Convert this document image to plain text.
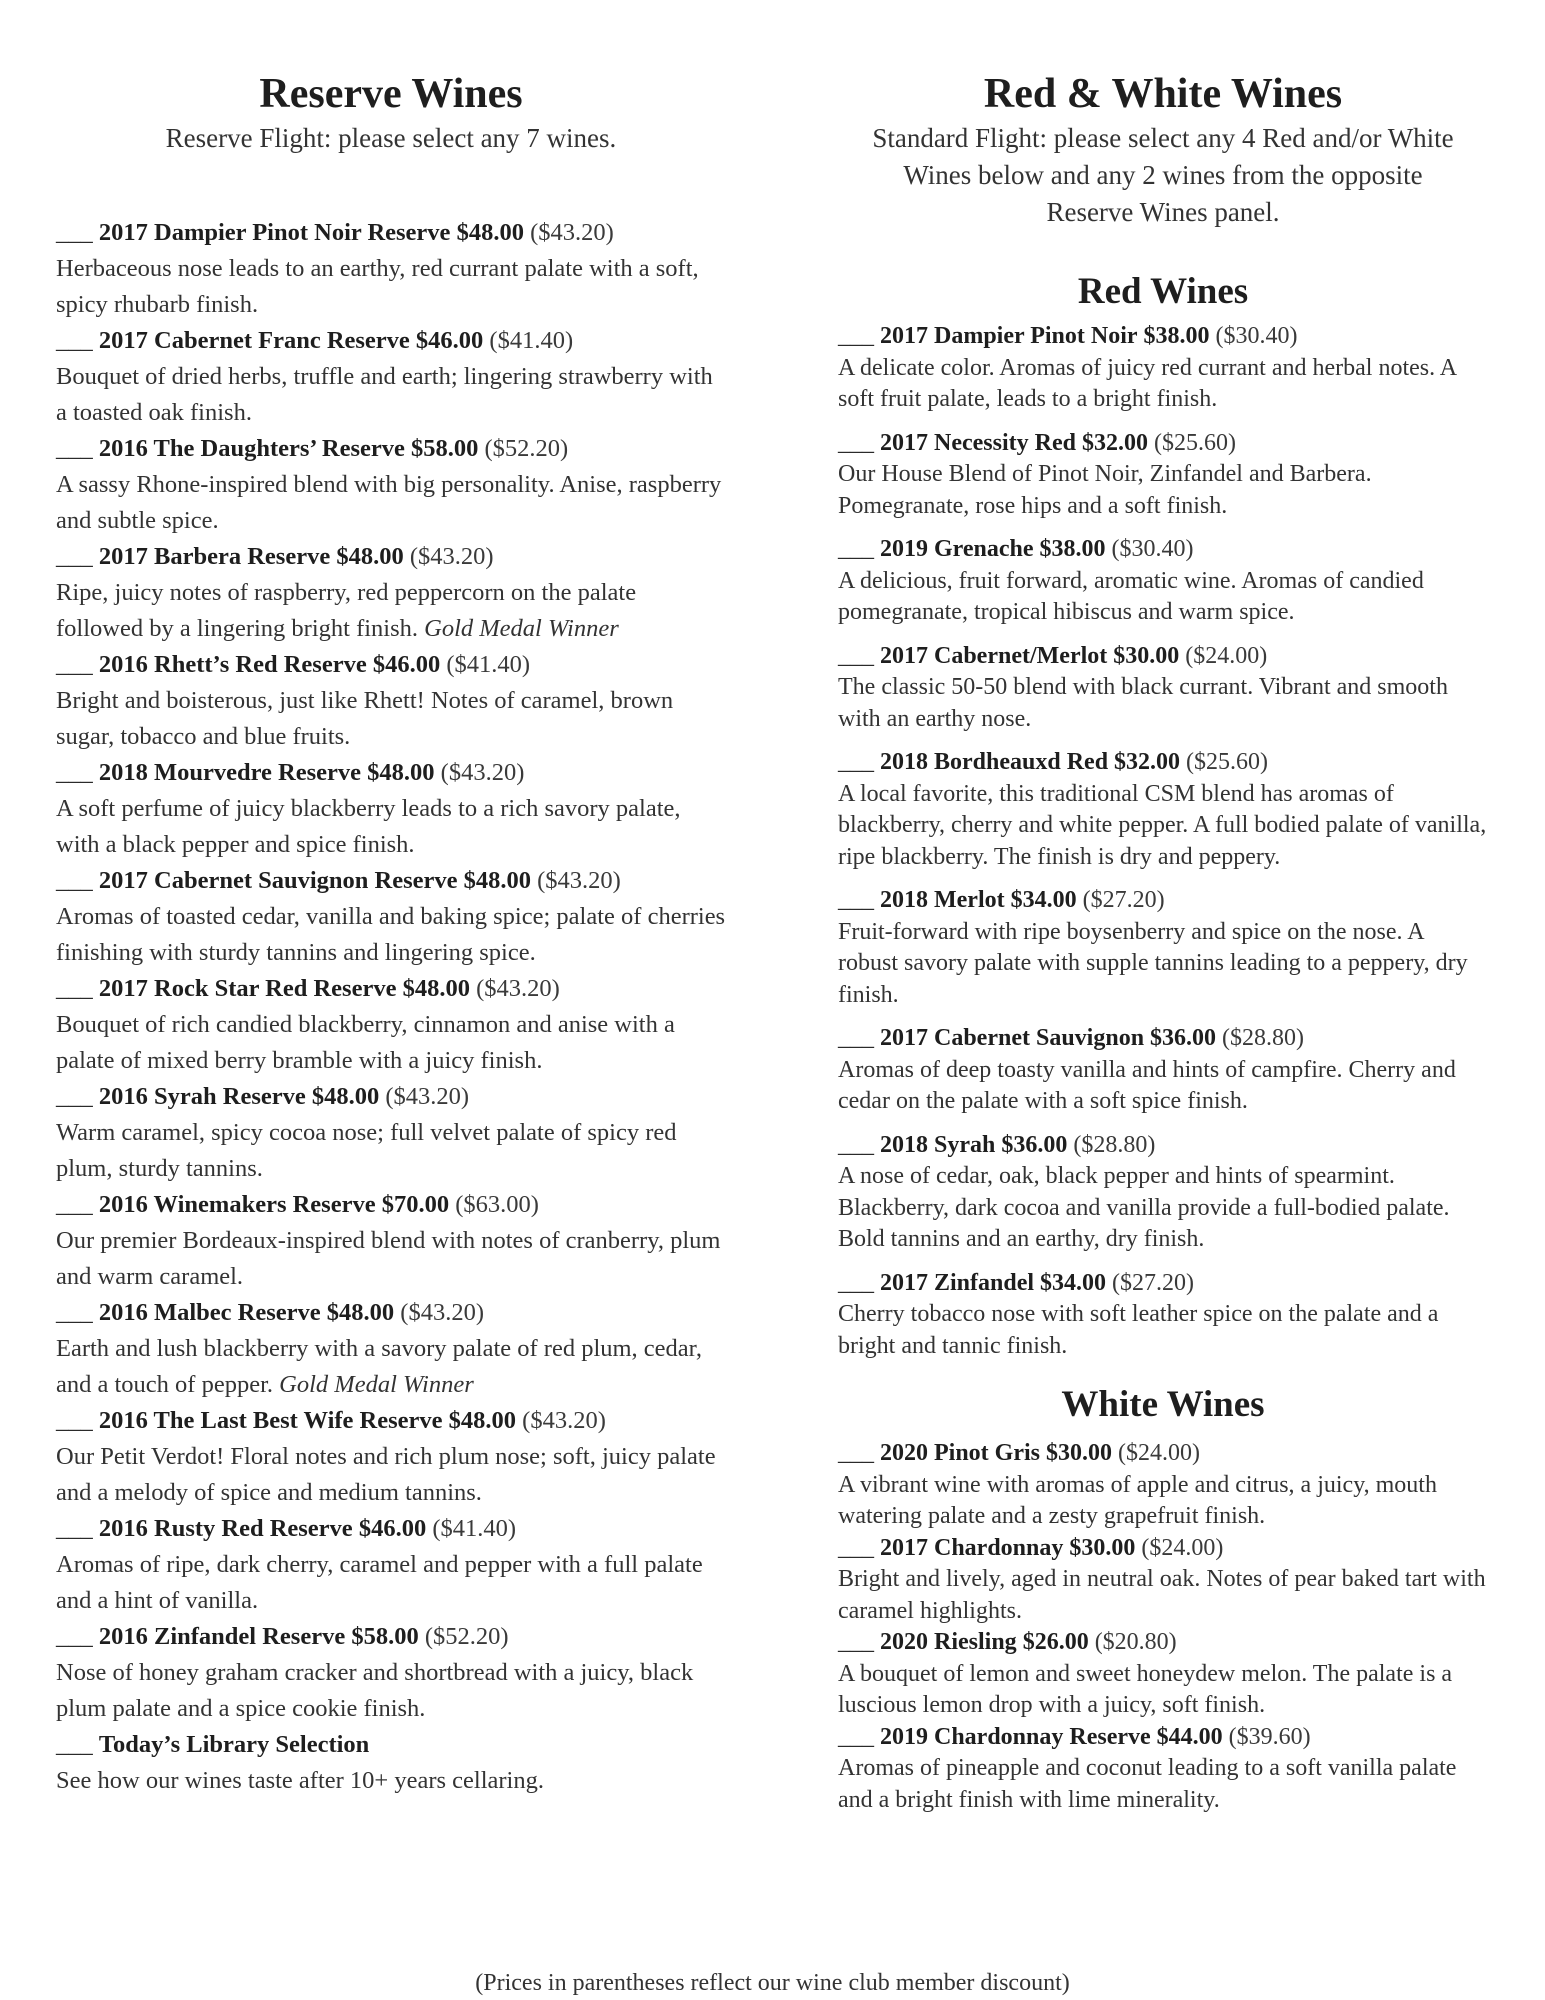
Reserve Wines

Reserve Flight: please select any 7 wines.

___ 2017 Dampier Pinot Noir Reserve $48.00 ($43.20)
Herbaceous nose leads to an earthy, red currant palate with a soft, spicy rhubarb finish.
___ 2017 Cabernet Franc Reserve $46.00 ($41.40)
Bouquet of dried herbs, truffle and earth; lingering strawberry with a toasted oak finish.
___ 2016 The Daughters’ Reserve $58.00 ($52.20)
A sassy Rhone-inspired blend with big personality. Anise, raspberry and subtle spice.
___ 2017 Barbera Reserve $48.00 ($43.20)
Ripe, juicy notes of raspberry, red peppercorn on the palate followed by a lingering bright finish. Gold Medal Winner
___ 2016 Rhett’s Red Reserve $46.00 ($41.40)
Bright and boisterous, just like Rhett! Notes of caramel, brown sugar, tobacco and blue fruits.
___ 2018 Mourvedre Reserve $48.00 ($43.20)
A soft perfume of juicy blackberry leads to a rich savory palate, with a black pepper and spice finish.
___ 2017 Cabernet Sauvignon Reserve $48.00 ($43.20)
Aromas of toasted cedar, vanilla and baking spice; palate of cherries finishing with sturdy tannins and lingering spice.
___ 2017 Rock Star Red Reserve $48.00 ($43.20)
Bouquet of rich candied blackberry, cinnamon and anise with a palate of mixed berry bramble with a juicy finish.
___ 2016 Syrah Reserve $48.00 ($43.20)
Warm caramel, spicy cocoa nose; full velvet palate of spicy red plum, sturdy tannins.
___ 2016 Winemakers Reserve $70.00 ($63.00)
Our premier Bordeaux-inspired blend with notes of cranberry, plum and warm caramel.
___ 2016 Malbec Reserve $48.00 ($43.20)
Earth and lush blackberry with a savory palate of red plum, cedar, and a touch of pepper. Gold Medal Winner
___ 2016 The Last Best Wife Reserve $48.00 ($43.20)
Our Petit Verdot! Floral notes and rich plum nose; soft, juicy palate and a melody of spice and medium tannins.
___ 2016 Rusty Red Reserve $46.00 ($41.40)
Aromas of ripe, dark cherry, caramel and pepper with a full palate and a hint of vanilla.
___ 2016 Zinfandel Reserve $58.00 ($52.20)
Nose of honey graham cracker and shortbread with a juicy, black plum palate and a spice cookie finish.
___ Today’s Library Selection
See how our wines taste after 10+ years cellaring.
Red & White Wines

Standard Flight: please select any 4 Red and/or White Wines below and any 2 wines from the opposite Reserve Wines panel.

Red Wines
___ 2017 Dampier Pinot Noir $38.00 ($30.40)
A delicate color. Aromas of juicy red currant and herbal notes. A soft fruit palate, leads to a bright finish.
___ 2017 Necessity Red $32.00 ($25.60)
Our House Blend of Pinot Noir, Zinfandel and Barbera. Pomegranate, rose hips and a soft finish.
___ 2019 Grenache $38.00 ($30.40)
A delicious, fruit forward, aromatic wine. Aromas of candied pomegranate, tropical hibiscus and warm spice.
___ 2017 Cabernet/Merlot $30.00 ($24.00)
The classic 50-50 blend with black currant. Vibrant and smooth with an earthy nose.
___ 2018 Bordheauxd Red $32.00 ($25.60)
A local favorite, this traditional CSM blend has aromas of blackberry, cherry and white pepper. A full bodied palate of vanilla, ripe blackberry. The finish is dry and peppery.
___ 2018 Merlot $34.00 ($27.20)
Fruit-forward with ripe boysenberry and spice on the nose. A robust savory palate with supple tannins leading to a peppery, dry finish.
___ 2017 Cabernet Sauvignon $36.00 ($28.80)
Aromas of deep toasty vanilla and hints of campfire. Cherry and cedar on the palate with a soft spice finish.
___ 2018 Syrah $36.00 ($28.80)
A nose of cedar, oak, black pepper and hints of spearmint. Blackberry, dark cocoa and vanilla provide a full-bodied palate. Bold tannins and an earthy, dry finish.
___ 2017 Zinfandel $34.00 ($27.20)
Cherry tobacco nose with soft leather spice on the palate and a bright and tannic finish.
White Wines
___ 2020 Pinot Gris $30.00 ($24.00)
A vibrant wine with aromas of apple and citrus, a juicy, mouth watering palate and a zesty grapefruit finish.
___ 2017 Chardonnay $30.00 ($24.00)
Bright and lively, aged in neutral oak. Notes of pear baked tart with caramel highlights.
___ 2020 Riesling $26.00 ($20.80)
A bouquet of lemon and sweet honeydew melon. The palate is a luscious lemon drop with a juicy, soft finish.
___ 2019 Chardonnay Reserve $44.00 ($39.60)
Aromas of pineapple and coconut leading to a soft vanilla palate and a bright finish with lime minerality.
(Prices in parentheses reflect our wine club member discount)
